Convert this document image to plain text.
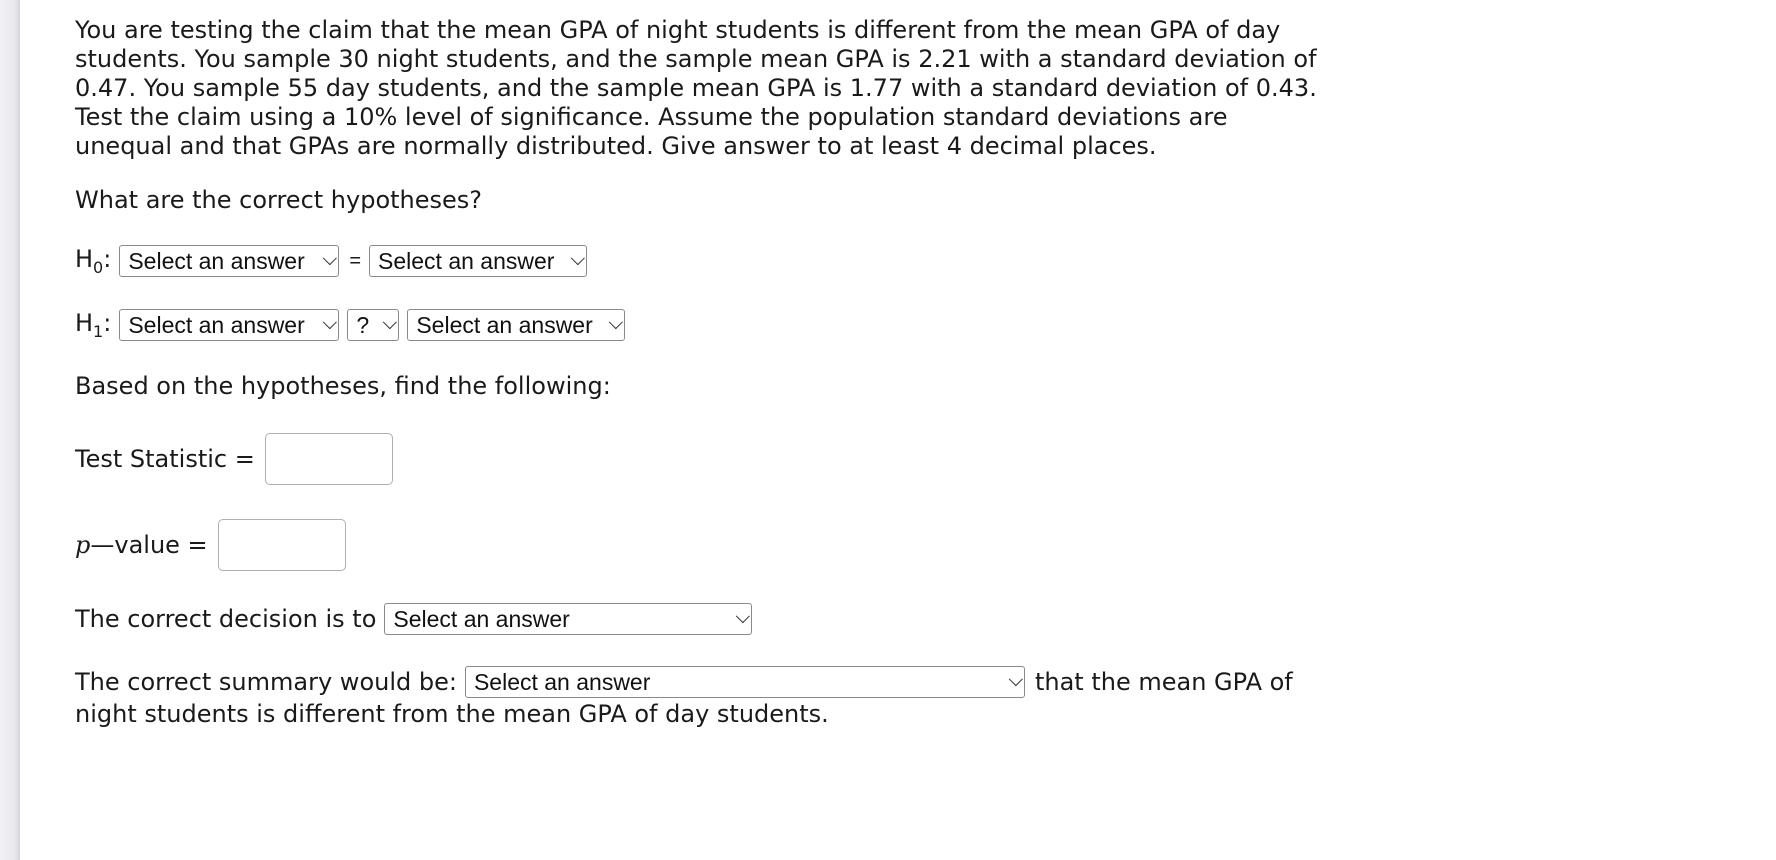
You are testing the claim that the mean GPA of night students is different from the mean GPA of day students. You sample 30 night students, and the sample mean GPA is 2.21 with a standard deviation of 0.47. You sample 55 day students, and the sample mean GPA is 1.77 with a standard deviation of 0.43. Test the claim using a 10% level of significance. Assume the population standard deviations are unequal and that GPAs are normally distributed. Give answer to at least 4 decimal places.

What are the correct hypotheses?
$H_0$: Select an answer = Select an answer
$H_1$: Select an answer ? Select an answer
Based on the hypotheses, find the following:
Test Statistic =
p—value =
The correct decision is to Select an answer
The correct summary would be: Select an answer	that the mean GPA of
night students is different from the mean GPA of day students.
